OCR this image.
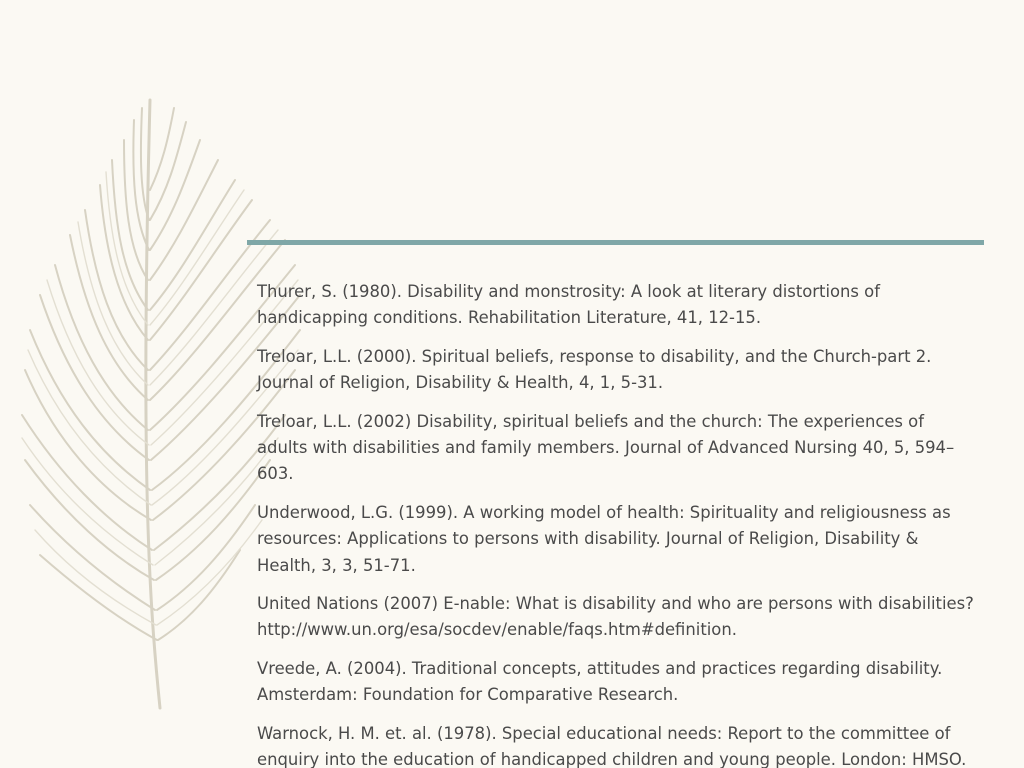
Thurer, S. (1980). Disability and monstrosity: A look at literary distortions of handicapping conditions. Rehabilitation Literature, 41, 12-15.
Treloar, L.L. (2000). Spiritual beliefs, response to disability, and the Church-part 2. Journal of Religion, Disability & Health, 4, 1, 5-31.
Treloar, L.L. (2002) Disability, spiritual beliefs and the church: The experiences of adults with disabilities and family members. Journal of Advanced Nursing 40, 5, 594–603.
Underwood, L.G. (1999). A working model of health: Spirituality and religiousness as resources: Applications to persons with disability. Journal of Religion, Disability & Health, 3, 3, 51-71.
United Nations (2007) E-nable: What is disability and who are persons with disabilities? http://www.un.org/esa/socdev/enable/faqs.htm#definition.
Vreede, A. (2004). Traditional concepts, attitudes and practices regarding disability. Amsterdam: Foundation for Comparative Research.
Warnock, H. M. et. al. (1978). Special educational needs: Report to the committee of enquiry into the education of handicapped children and young people. London: HMSO.
